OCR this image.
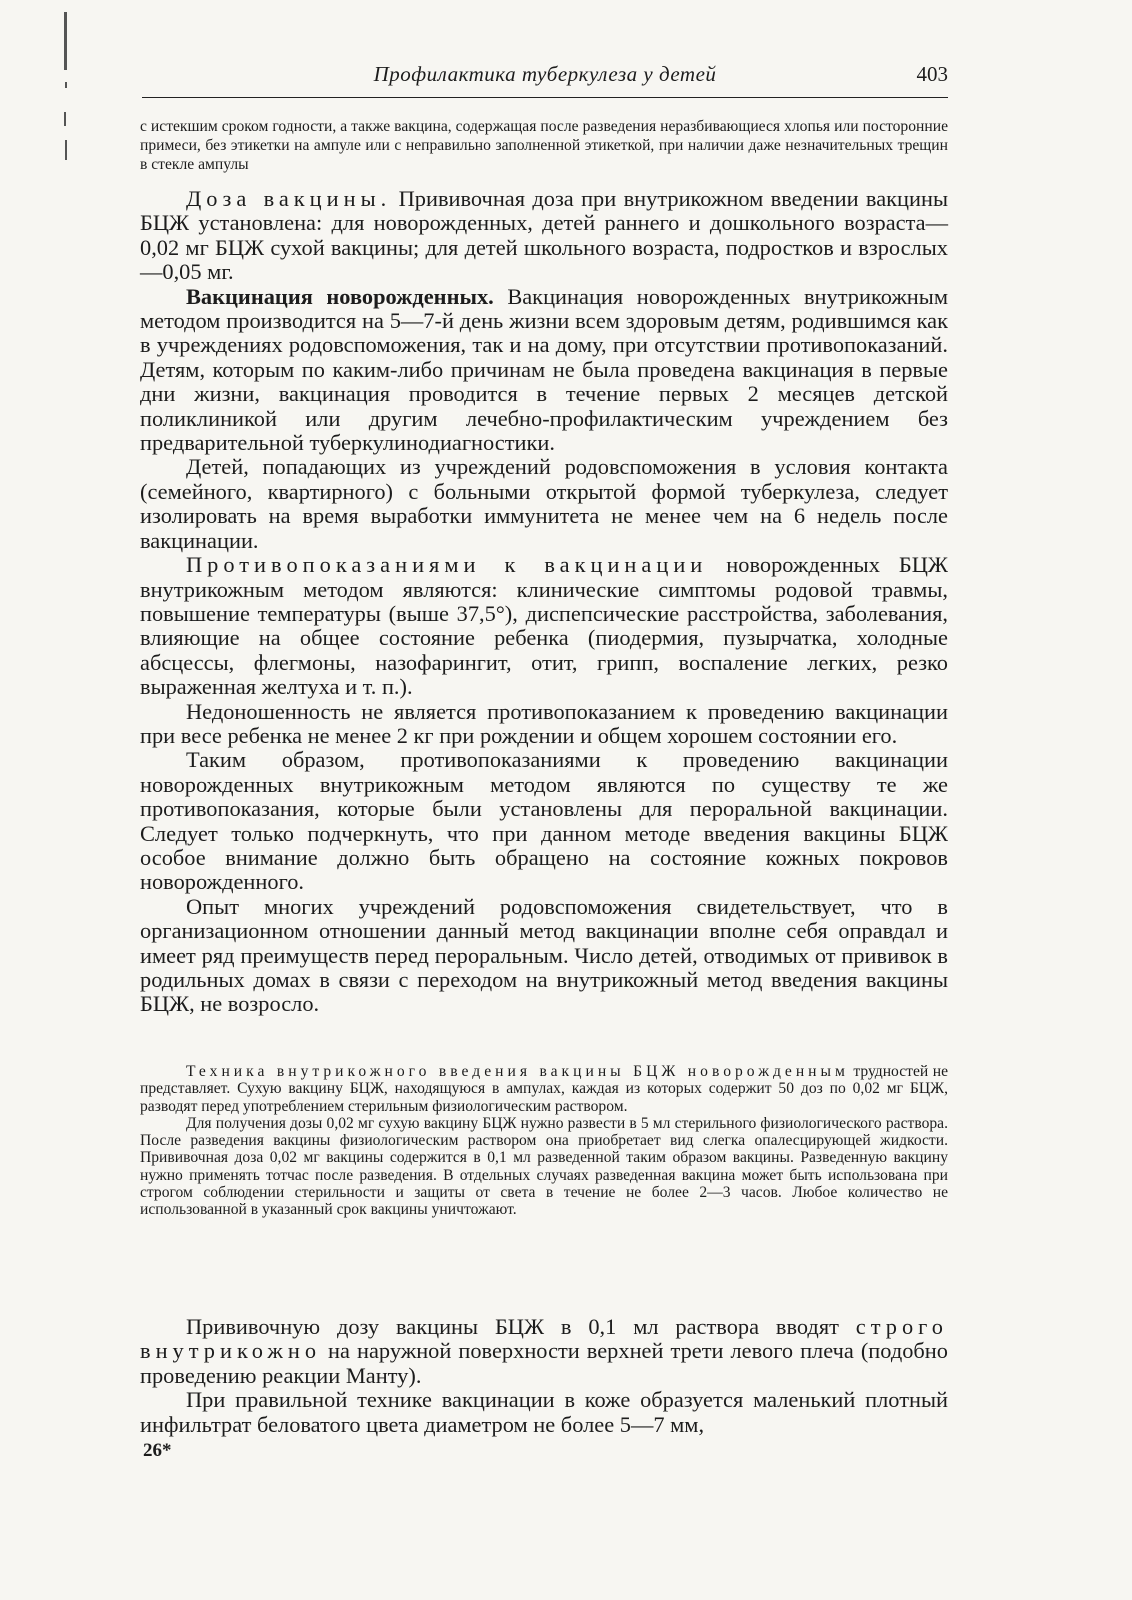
Профилактика туберкулеза у детей	403

с истекшим сроком годности, а также вакцина, содержащая после разведения неразбивающиеся хлопья или посторонние примеси, без этикетки на ампуле или с неправильно заполненной этикеткой, при наличии даже незначительных трещин в стекле ампулы

Доза вакцины. Прививочная доза при внутрикожном введении вакцины БЦЖ установлена: для новорожденных, детей раннего и дошкольного возраста—0,02 мг БЦЖ сухой вакцины; для детей школьного возраста, подростков и взрослых—0,05 мг.

Вакцинация новорожденных. Вакцинация новорожденных внутрикожным методом производится на 5—7-й день жизни всем здоровым детям, родившимся как в учреждениях родовспоможения, так и на дому, при отсутствии противопоказаний. Детям, которым по каким-либо причинам не была проведена вакцинация в первые дни жизни, вакцинация проводится в течение первых 2 месяцев детской поликлиникой или другим лечебно-профилактическим учреждением без предварительной туберкулинодиагностики.

Детей, попадающих из учреждений родовспоможения в условия контакта (семейного, квартирного) с больными открытой формой туберкулеза, следует изолировать на время выработки иммунитета не менее чем на 6 недель после вакцинации.

Противопоказаниями к вакцинации новорожденных БЦЖ внутрикожным методом являются: клинические симптомы родовой травмы, повышение температуры (выше 37,5°), диспепсические расстройства, заболевания, влияющие на общее состояние ребенка (пиодермия, пузырчатка, холодные абсцессы, флегмоны, назофарингит, отит, грипп, воспаление легких, резко выраженная желтуха и т. п.).

Недоношенность не является противопоказанием к проведению вакцинации при весе ребенка не менее 2 кг при рождении и общем хорошем состоянии его.

Таким образом, противопоказаниями к проведению вакцинации новорожденных внутрикожным методом являются по существу те же противопоказания, которые были установлены для пероральной вакцинации. Следует только подчеркнуть, что при данном методе введения вакцины БЦЖ особое внимание должно быть обращено на состояние кожных покровов новорожденного.

Опыт многих учреждений родовспоможения свидетельствует, что в организационном отношении данный метод вакцинации вполне себя оправдал и имеет ряд преимуществ перед пероральным. Число детей, отводимых от прививок в родильных домах в связи с переходом на внутрикожный метод введения вакцины БЦЖ, не возросло.

Техника внутрикожного введения вакцины БЦЖ новорожденным трудностей не представляет. Сухую вакцину БЦЖ, находящуюся в ампулах, каждая из которых содержит 50 доз по 0,02 мг БЦЖ, разводят перед употреблением стерильным физиологическим раствором.

Для получения дозы 0,02 мг сухую вакцину БЦЖ нужно развести в 5 мл стерильного физиологического раствора. После разведения вакцины физиологическим раствором она приобретает вид слегка опалесцирующей жидкости. Прививочная доза 0,02 мг вакцины содержится в 0,1 мл разведенной таким образом вакцины. Разведенную вакцину нужно применять тотчас после разведения. В отдельных случаях разведенная вакцина может быть использована при строгом соблюдении стерильности и защиты от света в течение не более 2—3 часов. Любое количество не использованной в указанный срок вакцины уничтожают.

Прививочную дозу вакцины БЦЖ в 0,1 мл раствора вводят строго внутрикожно на наружной поверхности верхней трети левого плеча (подобно проведению реакции Манту).

При правильной технике вакцинации в коже образуется маленький плотный инфильтрат беловатого цвета диаметром не более 5—7 мм,

26*
